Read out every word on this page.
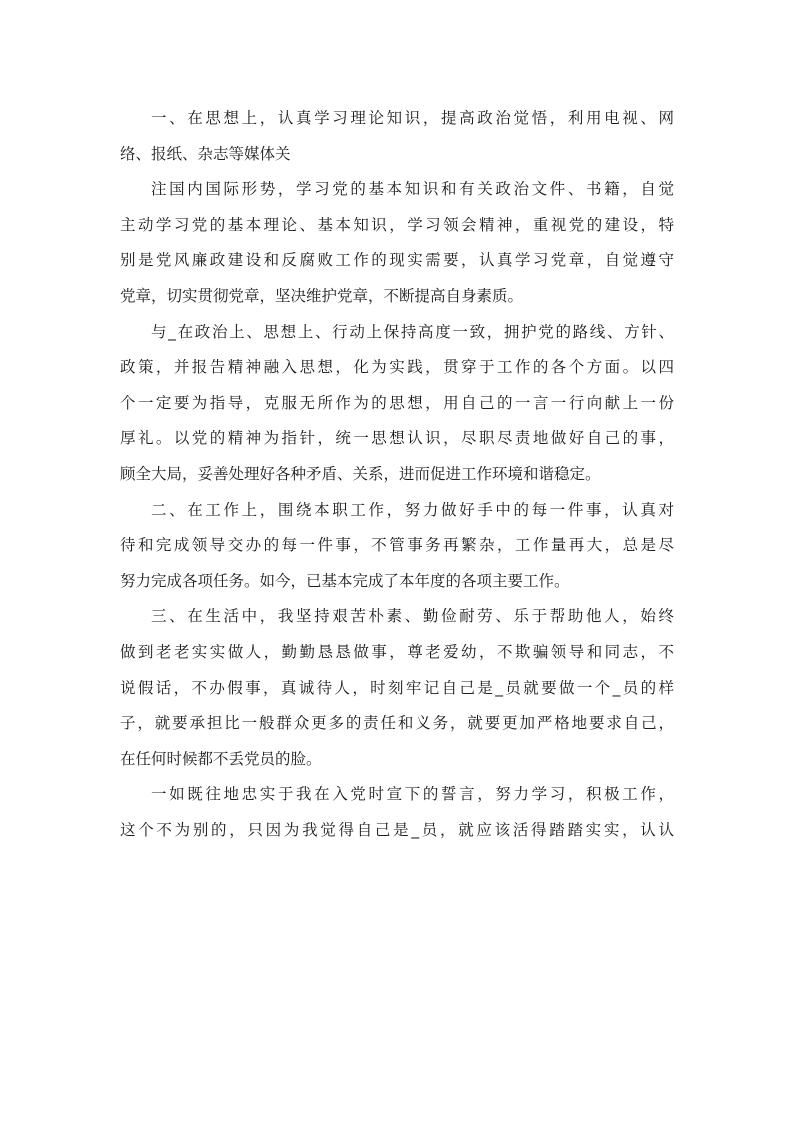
一、在思想上，认真学习理论知识，提高政治觉悟，利用电视、网
络、报纸、杂志等媒体关
注国内国际形势，学习党的基本知识和有关政治文件、书籍，自觉
主动学习党的基本理论、基本知识，学习领会精神，重视党的建设，特
别是党风廉政建设和反腐败工作的现实需要，认真学习党章，自觉遵守
党章，切实贯彻党章，坚决维护党章，不断提高自身素质。
与_在政治上、思想上、行动上保持高度一致，拥护党的路线、方针、
政策，并报告精神融入思想，化为实践，贯穿于工作的各个方面。以四
个一定要为指导，克服无所作为的思想，用自己的一言一行向献上一份
厚礼。以党的精神为指针，统一思想认识，尽职尽责地做好自己的事，
顾全大局，妥善处理好各种矛盾、关系，进而促进工作环境和谐稳定。
二、在工作上，围绕本职工作，努力做好手中的每一件事，认真对
待和完成领导交办的每一件事，不管事务再繁杂，工作量再大，总是尽
努力完成各项任务。如今，已基本完成了本年度的各项主要工作。
三、在生活中，我坚持艰苦朴素、勤俭耐劳、乐于帮助他人，始终
做到老老实实做人，勤勤恳恳做事，尊老爱幼，不欺骗领导和同志，不
说假话，不办假事，真诚待人，时刻牢记自己是_员就要做一个_员的样
子，就要承担比一般群众更多的责任和义务，就要更加严格地要求自己，
在任何时候都不丢党员的脸。
一如既往地忠实于我在入党时宣下的誓言，努力学习，积极工作，
这个不为别的，只因为我觉得自己是_员，就应该活得踏踏实实，认认
